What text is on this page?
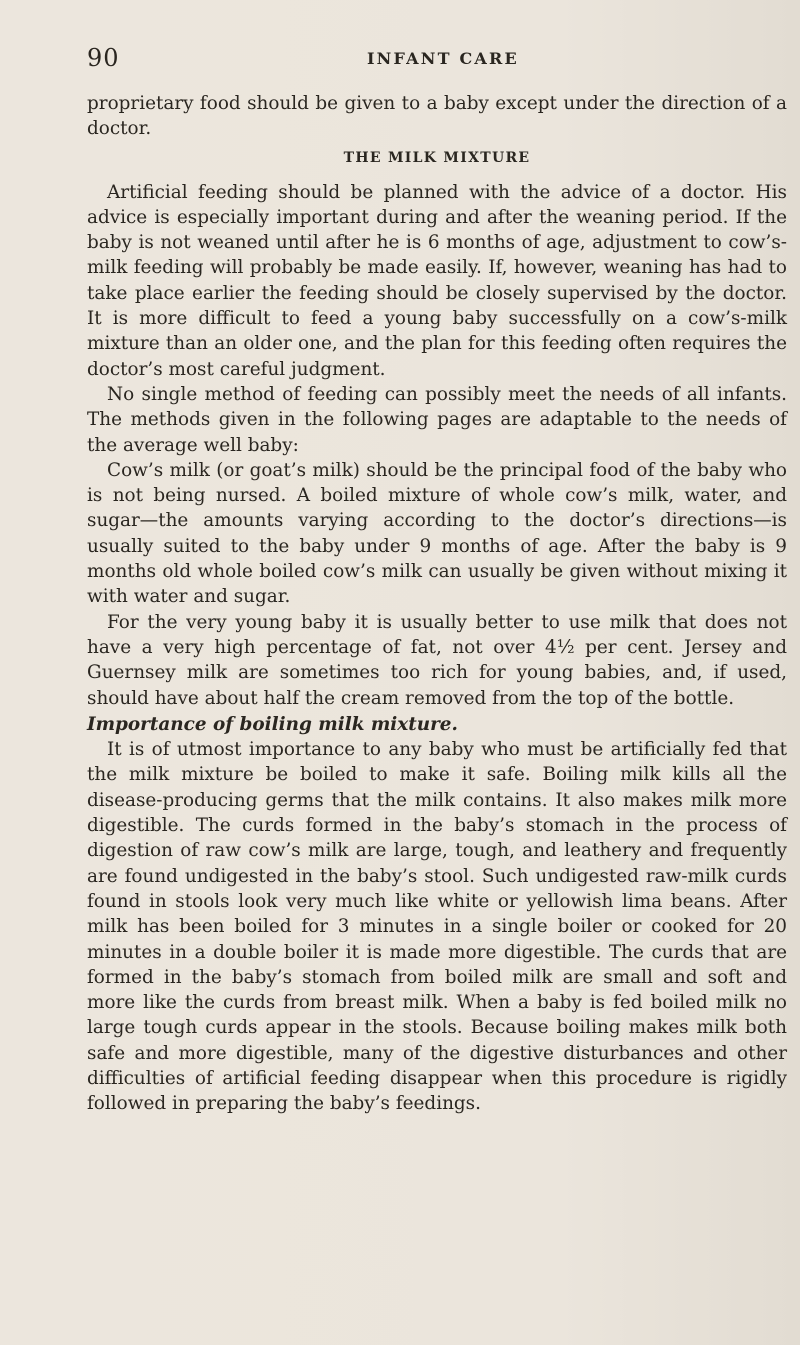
90	INFANT CARE

proprietary food should be given to a baby except under the direction of a doctor.

THE MILK MIXTURE

Artificial feeding should be planned with the advice of a doctor. His advice is especially important during and after the weaning period. If the baby is not weaned until after he is 6 months of age, adjustment to cow’s-milk feeding will probably be made easily. If, however, weaning has had to take place earlier the feeding should be closely supervised by the doctor. It is more difficult to feed a young baby successfully on a cow’s-milk mixture than an older one, and the plan for this feeding often requires the doctor’s most careful judgment.

No single method of feeding can possibly meet the needs of all infants. The methods given in the following pages are adaptable to the needs of the average well baby:

Cow’s milk (or goat’s milk) should be the principal food of the baby who is not being nursed. A boiled mixture of whole cow’s milk, water, and sugar—the amounts varying according to the doctor’s directions—is usually suited to the baby under 9 months of age. After the baby is 9 months old whole boiled cow’s milk can usually be given without mixing it with water and sugar.

For the very young baby it is usually better to use milk that does not have a very high percentage of fat, not over 4½ per cent. Jersey and Guernsey milk are sometimes too rich for young babies, and, if used, should have about half the cream removed from the top of the bottle.

Importance of boiling milk mixture.

It is of utmost importance to any baby who must be artificially fed that the milk mixture be boiled to make it safe. Boiling milk kills all the disease-producing germs that the milk contains. It also makes milk more digestible. The curds formed in the baby’s stomach in the process of digestion of raw cow’s milk are large, tough, and leathery and frequently are found undigested in the baby’s stool. Such undigested raw-milk curds found in stools look very much like white or yellowish lima beans. After milk has been boiled for 3 minutes in a single boiler or cooked for 20 minutes in a double boiler it is made more digestible. The curds that are formed in the baby’s stomach from boiled milk are small and soft and more like the curds from breast milk. When a baby is fed boiled milk no large tough curds appear in the stools. Because boiling makes milk both safe and more digestible, many of the digestive disturbances and other difficulties of artificial feeding disappear when this procedure is rigidly followed in preparing the baby’s feedings.
